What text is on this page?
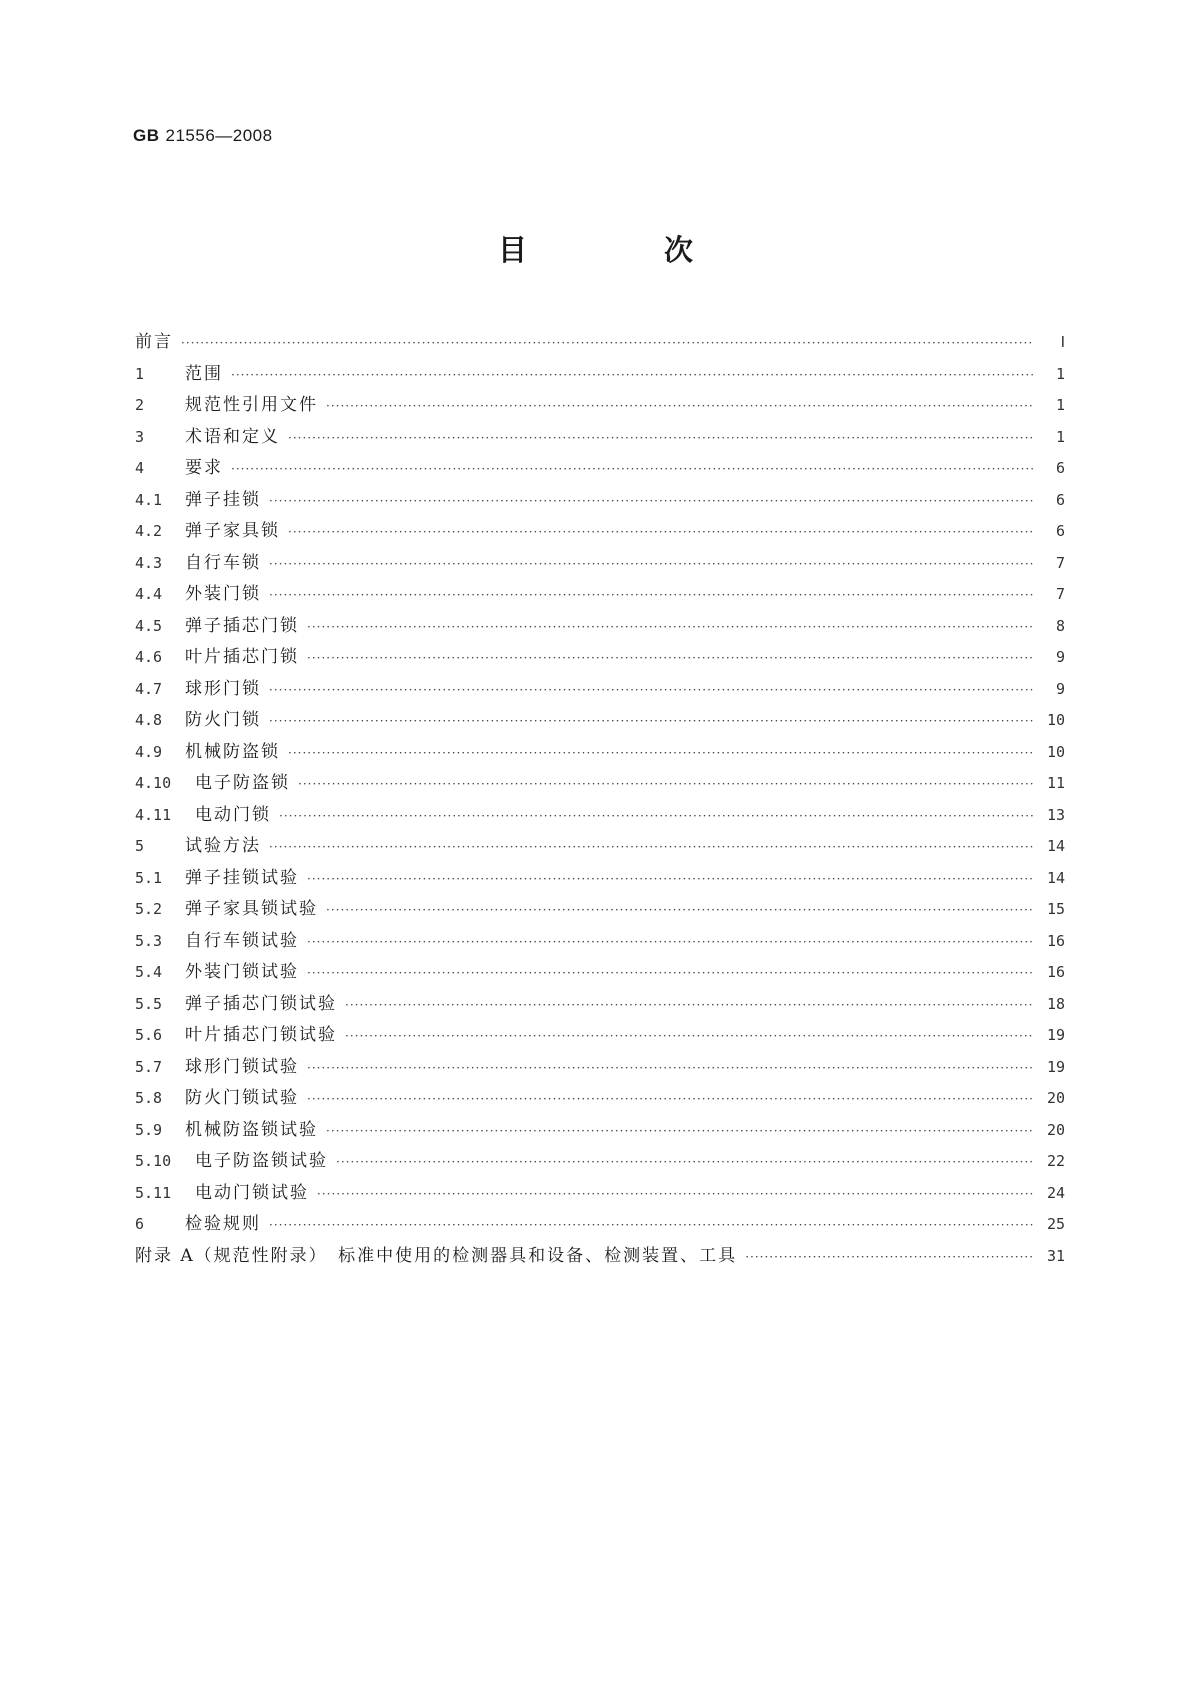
GB 21556—2008
目　次
前言 ·····	Ⅰ
1	范围 ·····	1
2	规范性引用文件 ·····	1
3	术语和定义 ·····	1
4	要求 ·····	6
4.1	弹子挂锁 ·····	6
4.2	弹子家具锁 ·····	6
4.3	自行车锁 ·····	7
4.4	外装门锁 ·····	7
4.5	弹子插芯门锁 ·····	8
4.6	叶片插芯门锁 ·····	9
4.7	球形门锁 ·····	9
4.8	防火门锁 ·····	10
4.9	机械防盗锁 ·····	10
4.10	电子防盗锁 ·····	11
4.11	电动门锁 ·····	13
5	试验方法 ·····	14
5.1	弹子挂锁试验 ·····	14
5.2	弹子家具锁试验 ·····	15
5.3	自行车锁试验 ·····	16
5.4	外装门锁试验 ·····	16
5.5	弹子插芯门锁试验 ·····	18
5.6	叶片插芯门锁试验 ·····	19
5.7	球形门锁试验 ·····	19
5.8	防火门锁试验 ·····	20
5.9	机械防盗锁试验 ·····	20
5.10	电子防盗锁试验 ·····	22
5.11	电动门锁试验 ·····	24
6	检验规则 ·····	25
附录 A（规范性附录）　标准中使用的检测器具和设备、检测装置、工具 ·····	31
